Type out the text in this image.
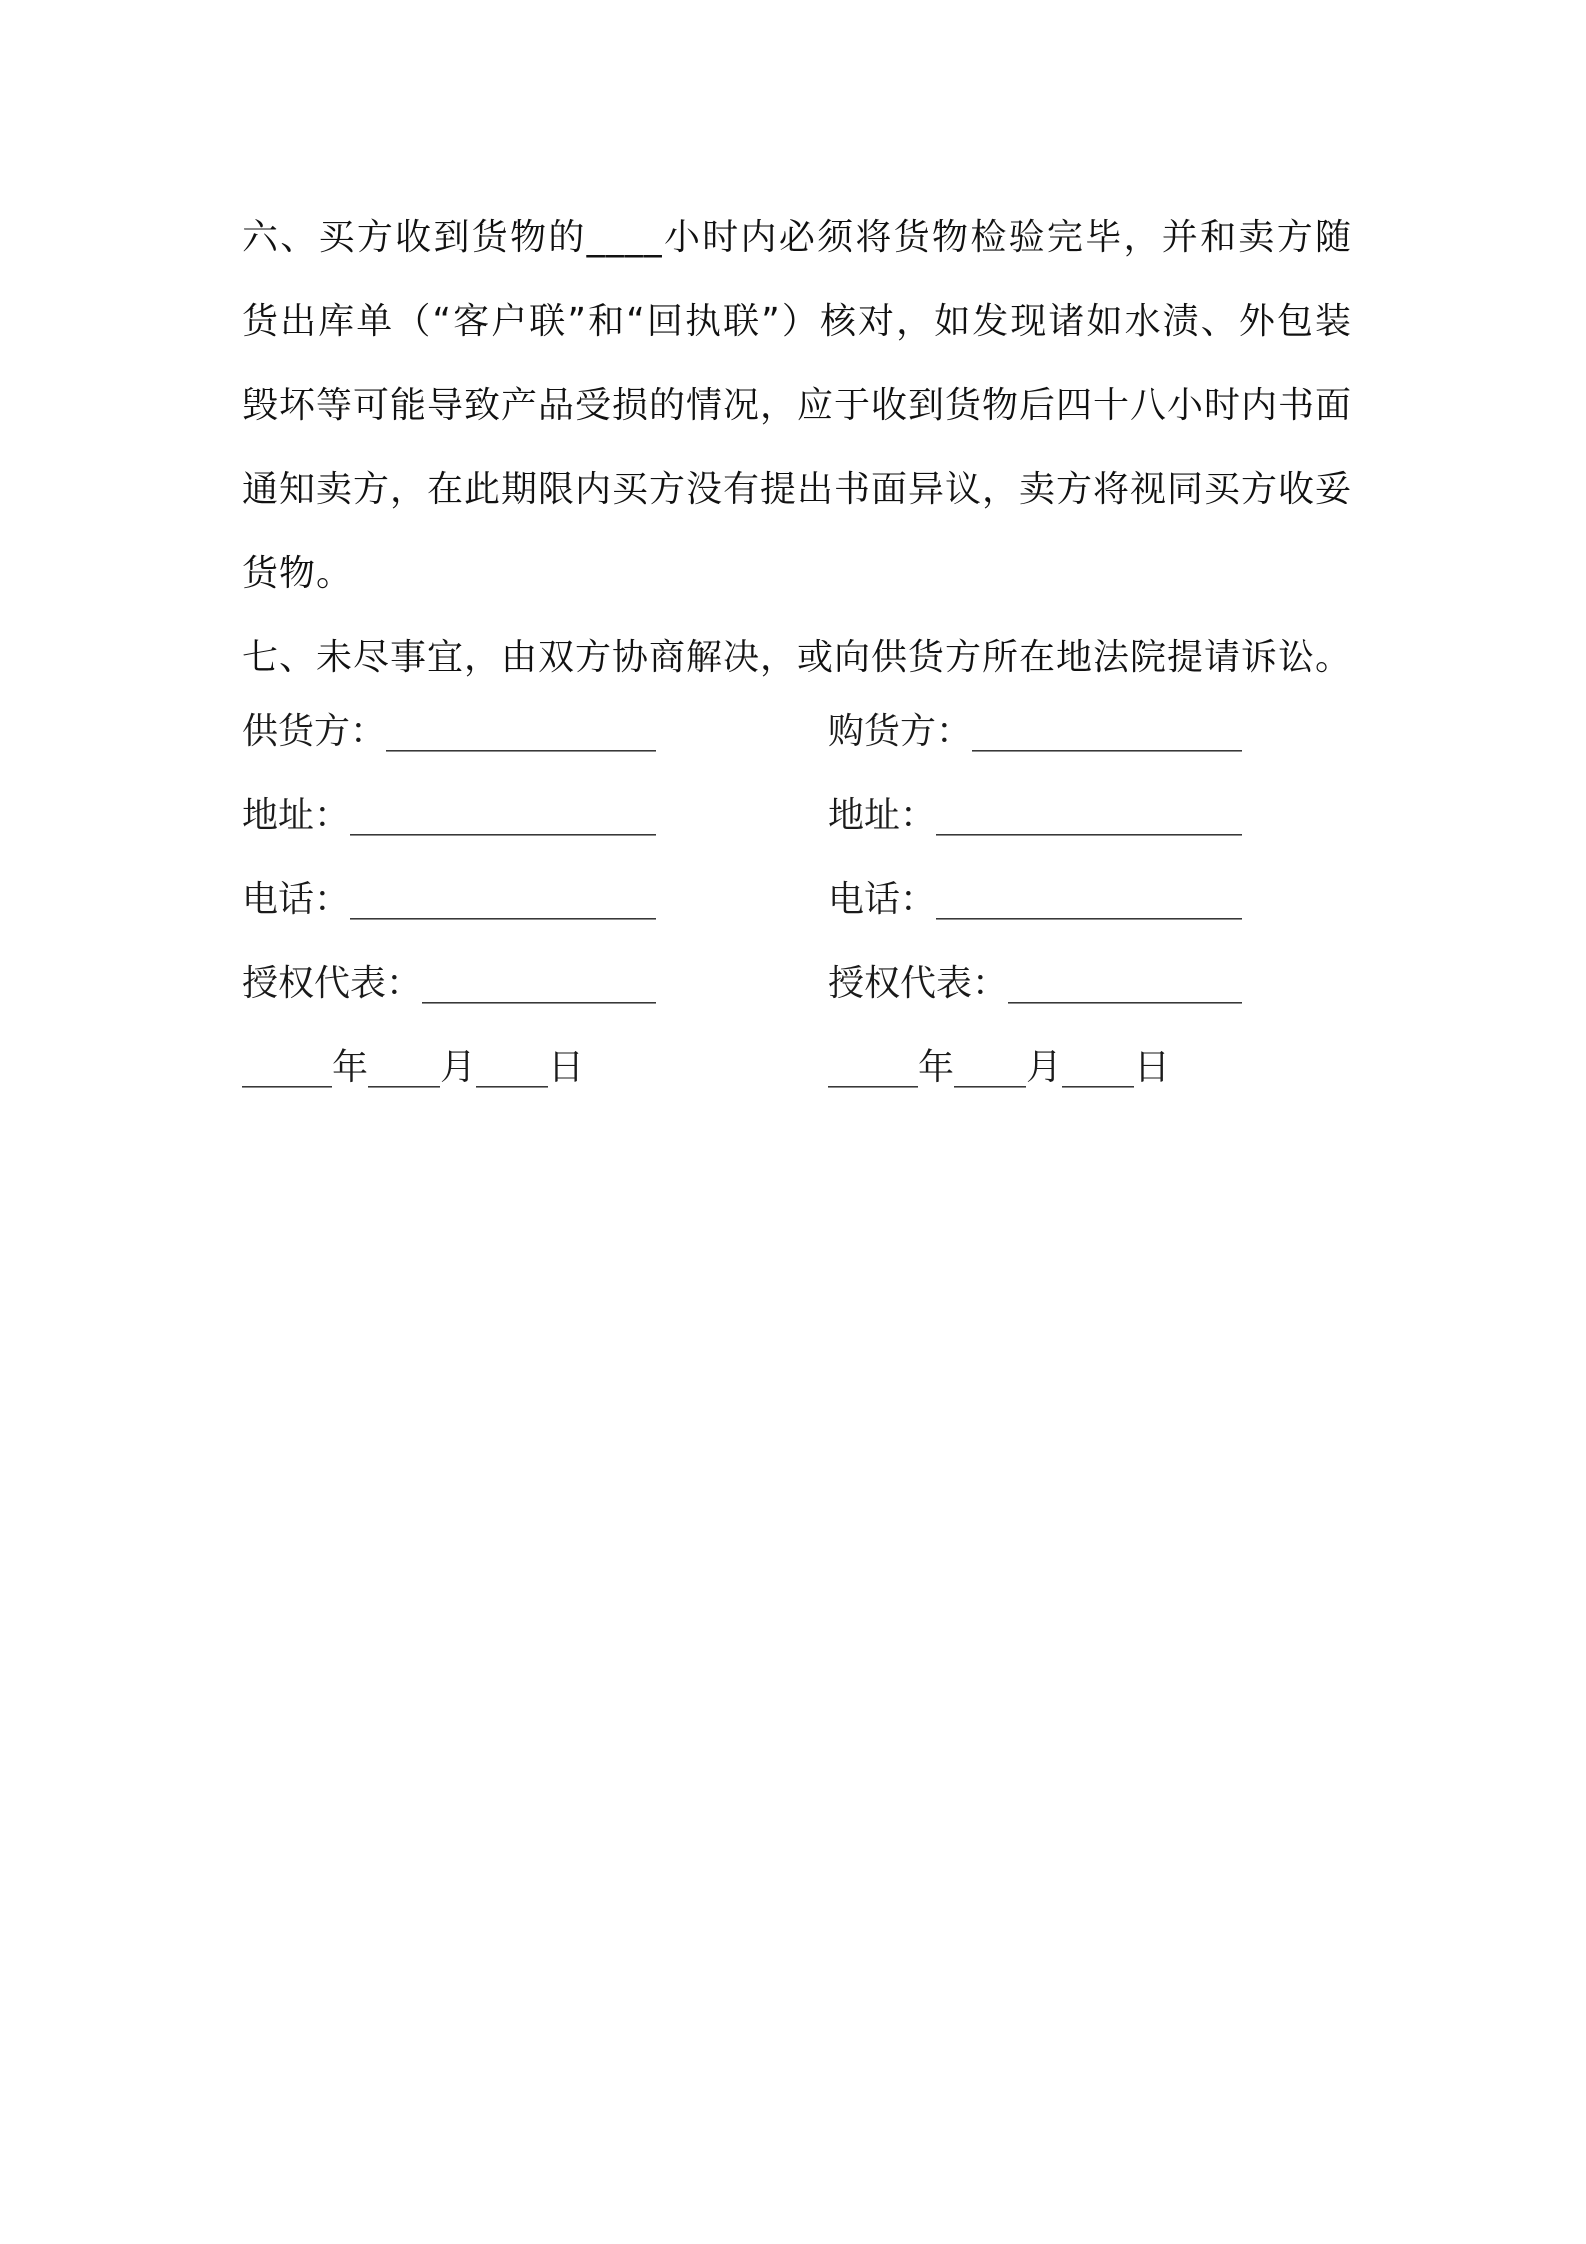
六、买方收到货物的____小时内必须将货物检验完毕，并和卖方随货出库单（“客户联”和“回执联”）核对，如发现诸如水渍、外包装毁坏等可能导致产品受损的情况，应于收到货物后四十八小时内书面通知卖方，在此期限内买方没有提出书面异议，卖方将视同买方收妥货物。

七、未尽事宜，由双方协商解决，或向供货方所在地法院提请诉讼。

供货方：_______________	购货方：_______________
地址：_________________	地址：_________________
电话：_________________	电话：_________________
授权代表：_____________	授权代表：_____________
_____年____月____日	_____年____月____日
